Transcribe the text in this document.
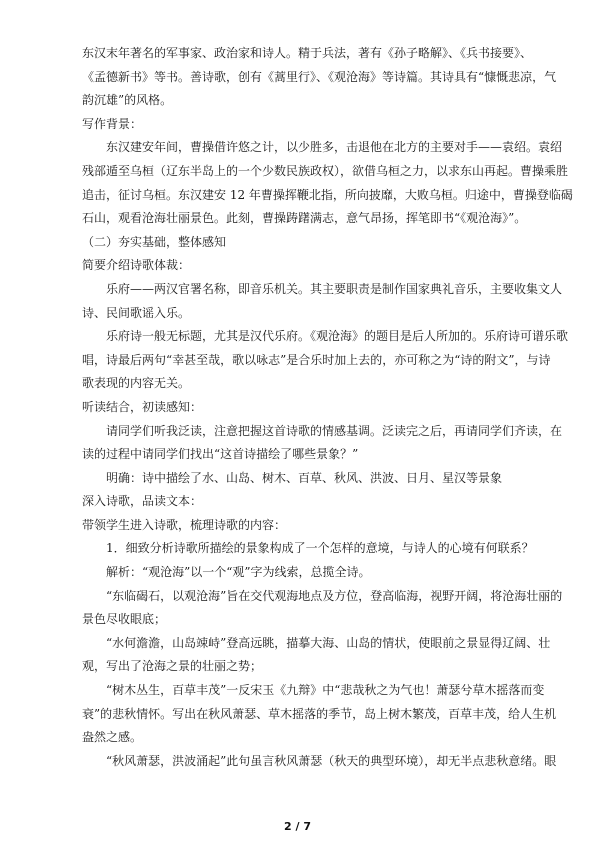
东汉末年著名的军事家、政治家和诗人。精于兵法，著有《孙子略解》、《兵书接要》、
《孟德新书》等书。善诗歌，创有《蒿里行》、《观沧海》等诗篇。其诗具有“慷慨悲凉，气
韵沉雄”的风格。
写作背景：
东汉建安年间，曹操借许悠之计，以少胜多，击退他在北方的主要对手——袁绍。袁绍
残部遁至乌桓（辽东半岛上的一个少数民族政权），欲借乌桓之力，以求东山再起。曹操乘胜
追击，征讨乌桓。东汉建安 12 年曹操挥鞭北指，所向披靡，大败乌桓。归途中，曹操登临碣
石山，观看沧海壮丽景色。此刻，曹操踌躇满志，意气昂扬，挥笔即书“《观沧海》”。
（二）夯实基础，整体感知
简要介绍诗歌体裁：
乐府——两汉官署名称，即音乐机关。其主要职责是制作国家典礼音乐，主要收集文人
诗、民间歌谣入乐。
乐府诗一般无标题，尤其是汉代乐府。《观沧海》的题目是后人所加的。乐府诗可谱乐歌
唱，诗最后两句“幸甚至哉，歌以咏志”是合乐时加上去的，亦可称之为“诗的附文”，与诗
歌表现的内容无关。
听读结合，初读感知：
请同学们听我泛读，注意把握这首诗歌的情感基调。泛读完之后，再请同学们齐读，在
读的过程中请同学们找出“这首诗描绘了哪些景象？”
明确：诗中描绘了水、山岛、树木、百草、秋风、洪波、日月、星汉等景象
深入诗歌，品读文本：
带领学生进入诗歌，梳理诗歌的内容：
1．细致分析诗歌所描绘的景象构成了一个怎样的意境，与诗人的心境有何联系？
解析：“观沧海”以一个“观”字为线索，总揽全诗。
“东临碣石，以观沧海”旨在交代观海地点及方位，登高临海，视野开阔，将沧海壮丽的
景色尽收眼底；
“水何澹澹，山岛竦峙”登高远眺，描摹大海、山岛的情状，使眼前之景显得辽阔、壮
观，写出了沧海之景的壮丽之势；
“树木丛生，百草丰茂”一反宋玉《九辩》中“悲哉秋之为气也！萧瑟兮草木摇落而变
衰”的悲秋情怀。写出在秋风萧瑟、草木摇落的季节，岛上树木繁茂，百草丰茂，给人生机
盎然之感。
“秋风萧瑟，洪波涌起”此句虽言秋风萧瑟（秋天的典型环境），却无半点悲秋意绪。眼
2 / 7
